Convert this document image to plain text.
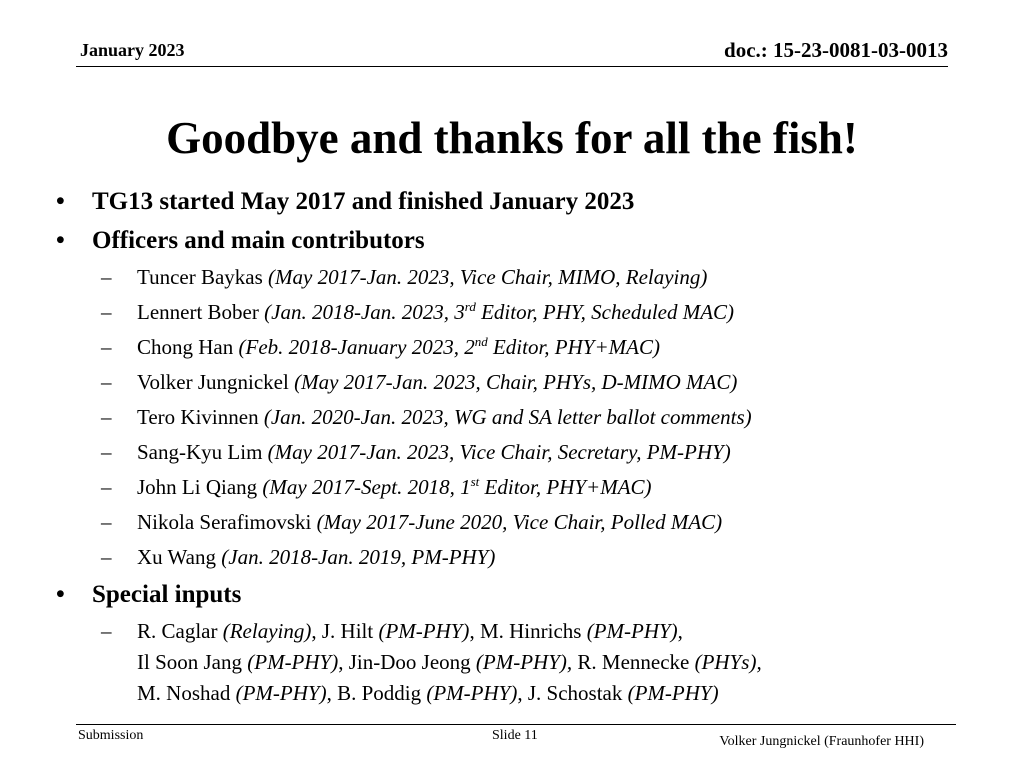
January 2023	doc.: 15-23-0081-03-0013
Goodbye and thanks for all the fish!
• TG13 started May 2017 and finished January 2023
• Officers and main contributors
– Tuncer Baykas (May 2017-Jan. 2023, Vice Chair, MIMO, Relaying)
– Lennert Bober (Jan. 2018-Jan. 2023, 3rd Editor, PHY, Scheduled MAC)
– Chong Han (Feb. 2018-January 2023, 2nd Editor, PHY+MAC)
– Volker Jungnickel (May 2017-Jan. 2023, Chair, PHYs, D-MIMO MAC)
– Tero Kivinnen (Jan. 2020-Jan. 2023, WG and SA letter ballot comments)
– Sang-Kyu Lim (May 2017-Jan. 2023, Vice Chair, Secretary, PM-PHY)
– John Li Qiang (May 2017-Sept. 2018, 1st Editor, PHY+MAC)
– Nikola Serafimovski (May 2017-June 2020, Vice Chair, Polled MAC)
– Xu Wang (Jan. 2018-Jan. 2019, PM-PHY)
• Special inputs
– R. Caglar (Relaying), J. Hilt (PM-PHY), M. Hinrichs (PM-PHY),
Il Soon Jang (PM-PHY), Jin-Doo Jeong (PM-PHY), R. Mennecke (PHYs),
M. Noshad (PM-PHY), B. Poddig (PM-PHY), J. Schostak (PM-PHY)
Submission	Slide 11	Volker Jungnickel (Fraunhofer HHI)
